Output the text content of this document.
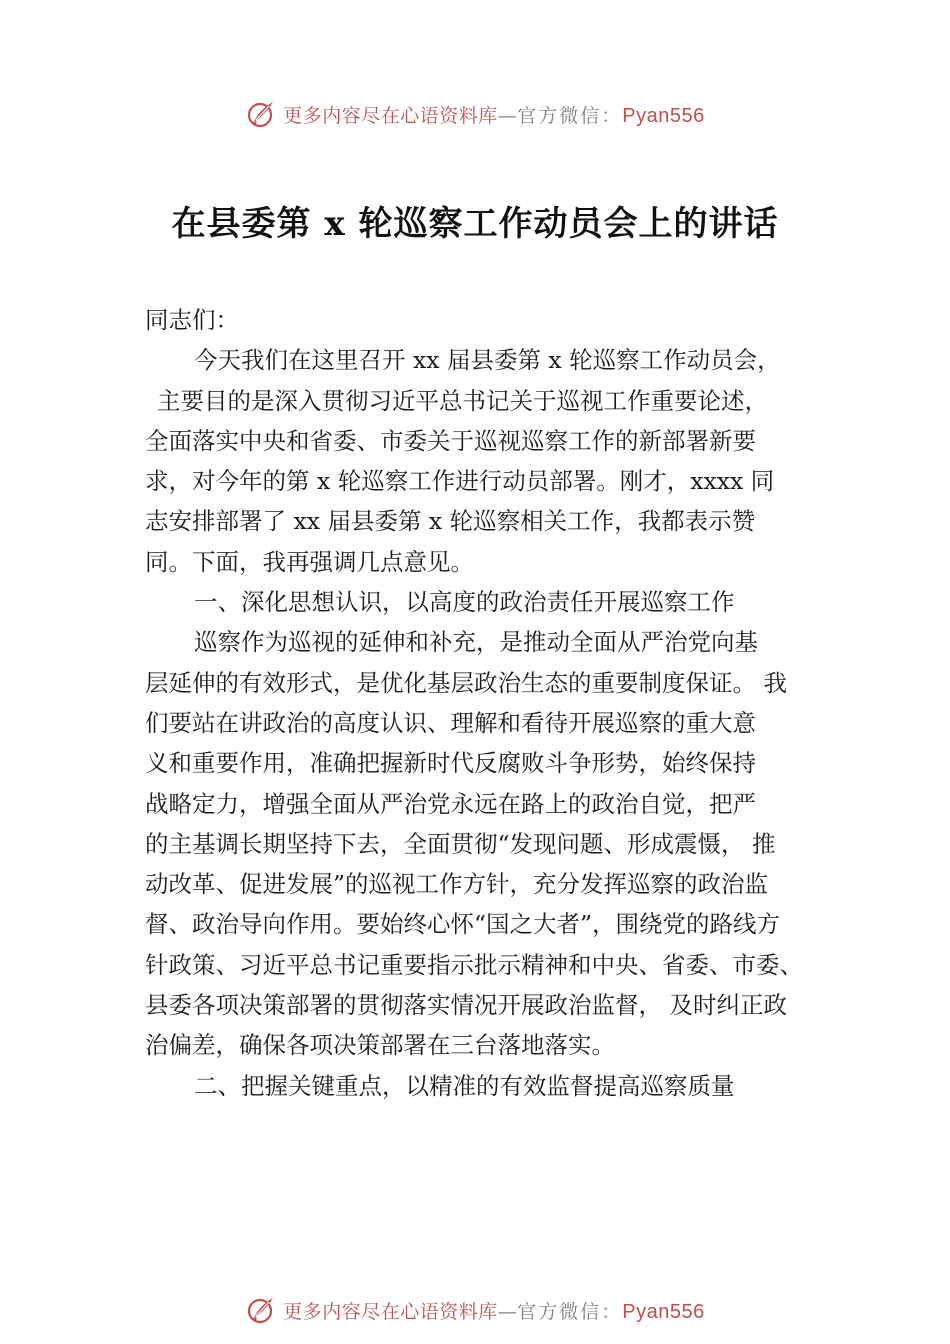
更多内容尽在心语资料库—官方微信：Pyan556
在县委第 x 轮巡察工作动员会上的讲话
同志们：
今天我们在这里召开 xx 届县委第 x 轮巡察工作动员会，
主要目的是深入贯彻习近平总书记关于巡视工作重要论述，
全面落实中央和省委、市委关于巡视巡察工作的新部署新要
求，对今年的第 x 轮巡察工作进行动员部署。刚才，xxxx 同
志安排部署了 xx 届县委第 x 轮巡察相关工作，我都表示赞
同。下面，我再强调几点意见。
一、深化思想认识，以高度的政治责任开展巡察工作
巡察作为巡视的延伸和补充，是推动全面从严治党向基
层延伸的有效形式，是优化基层政治生态的重要制度保证。 我
们要站在讲政治的高度认识、理解和看待开展巡察的重大意
义和重要作用，准确把握新时代反腐败斗争形势，始终保持
战略定力，增强全面从严治党永远在路上的政治自觉，把严
的主基调长期坚持下去，全面贯彻“发现问题、形成震慑， 推
动改革、促进发展”的巡视工作方针，充分发挥巡察的政治监
督、政治导向作用。要始终心怀“国之大者”，围绕党的路线方
针政策、习近平总书记重要指示批示精神和中央、省委、市委、
县委各项决策部署的贯彻落实情况开展政治监督， 及时纠正政
治偏差，确保各项决策部署在三台落地落实。
二、把握关键重点，以精准的有效监督提高巡察质量
更多内容尽在心语资料库—官方微信：Pyan556
